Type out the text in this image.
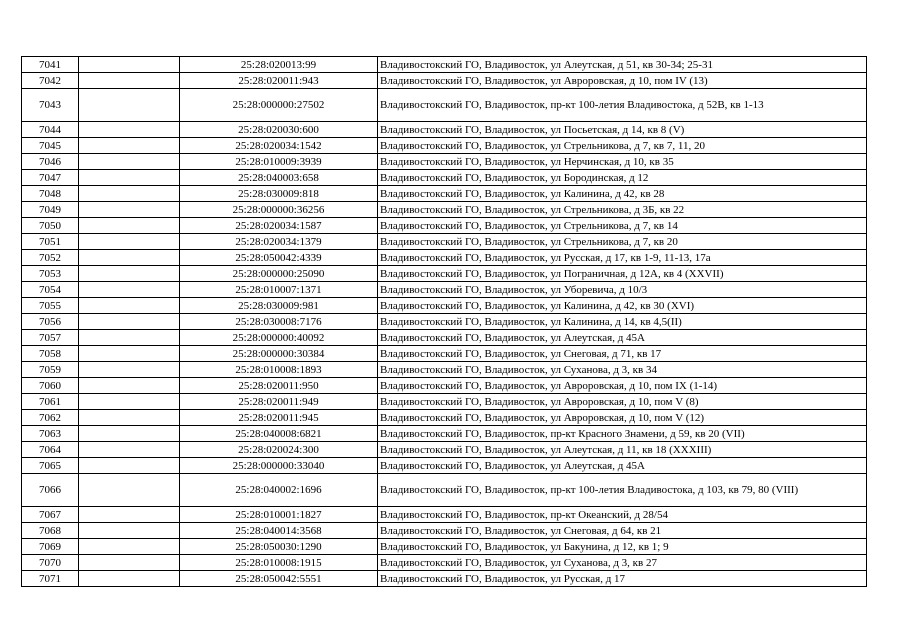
7041		25:28:020013:99	Владивостокский ГО, Владивосток, ул Алеутская, д 51, кв 30-34; 25-31
7042		25:28:020011:943	Владивостокский ГО, Владивосток, ул Авроровская, д 10, пом IV (13)
7043		25:28:000000:27502	Владивостокский ГО, Владивосток, пр-кт 100-летия Владивостока, д 52В, кв 1-13
7044		25:28:020030:600	Владивостокский ГО, Владивосток, ул Посьетская, д 14, кв 8 (V)
7045		25:28:020034:1542	Владивостокский ГО, Владивосток, ул Стрельникова, д 7, кв 7, 11, 20
7046		25:28:010009:3939	Владивостокский ГО, Владивосток, ул Нерчинская, д 10, кв 35
7047		25:28:040003:658	Владивостокский ГО, Владивосток, ул Бородинская, д 12
7048		25:28:030009:818	Владивостокский ГО, Владивосток, ул Калинина, д 42, кв 28
7049		25:28:000000:36256	Владивостокский ГО, Владивосток, ул Стрельникова, д 3Б, кв 22
7050		25:28:020034:1587	Владивостокский ГО, Владивосток, ул Стрельникова, д 7, кв 14
7051		25:28:020034:1379	Владивостокский ГО, Владивосток, ул Стрельникова, д 7, кв 20
7052		25:28:050042:4339	Владивостокский ГО, Владивосток, ул Русская, д 17, кв 1-9, 11-13, 17а
7053		25:28:000000:25090	Владивостокский ГО, Владивосток, ул Пограничная, д 12А, кв 4 (XXVII)
7054		25:28:010007:1371	Владивостокский ГО, Владивосток, ул Уборевича, д 10/3
7055		25:28:030009:981	Владивостокский ГО, Владивосток, ул Калинина, д 42, кв 30 (XVI)
7056		25:28:030008:7176	Владивостокский ГО, Владивосток, ул Калинина, д 14, кв 4,5(II)
7057		25:28:000000:40092	Владивостокский ГО, Владивосток, ул Алеутская, д 45А
7058		25:28:000000:30384	Владивостокский ГО, Владивосток, ул Снеговая, д 71, кв 17
7059		25:28:010008:1893	Владивостокский ГО, Владивосток, ул Суханова, д 3, кв 34
7060		25:28:020011:950	Владивостокский ГО, Владивосток, ул Авроровская, д 10, пом IX (1-14)
7061		25:28:020011:949	Владивостокский ГО, Владивосток, ул Авроровская, д 10, пом V (8)
7062		25:28:020011:945	Владивостокский ГО, Владивосток, ул Авроровская, д 10, пом V (12)
7063		25:28:040008:6821	Владивостокский ГО, Владивосток, пр-кт Красного Знамени, д 59, кв 20 (VII)
7064		25:28:020024:300	Владивостокский ГО, Владивосток, ул Алеутская, д 11, кв 18 (XXXIII)
7065		25:28:000000:33040	Владивостокский ГО, Владивосток, ул Алеутская, д 45А
7066		25:28:040002:1696	Владивостокский ГО, Владивосток, пр-кт 100-летия Владивостока, д 103, кв 79, 80 (VIII)
7067		25:28:010001:1827	Владивостокский ГО, Владивосток, пр-кт Океанский, д 28/54
7068		25:28:040014:3568	Владивостокский ГО, Владивосток, ул Снеговая, д 64, кв 21
7069		25:28:050030:1290	Владивостокский ГО, Владивосток, ул Бакунина, д 12, кв 1; 9
7070		25:28:010008:1915	Владивостокский ГО, Владивосток, ул Суханова, д 3, кв 27
7071		25:28:050042:5551	Владивостокский ГО, Владивосток, ул Русская, д 17
